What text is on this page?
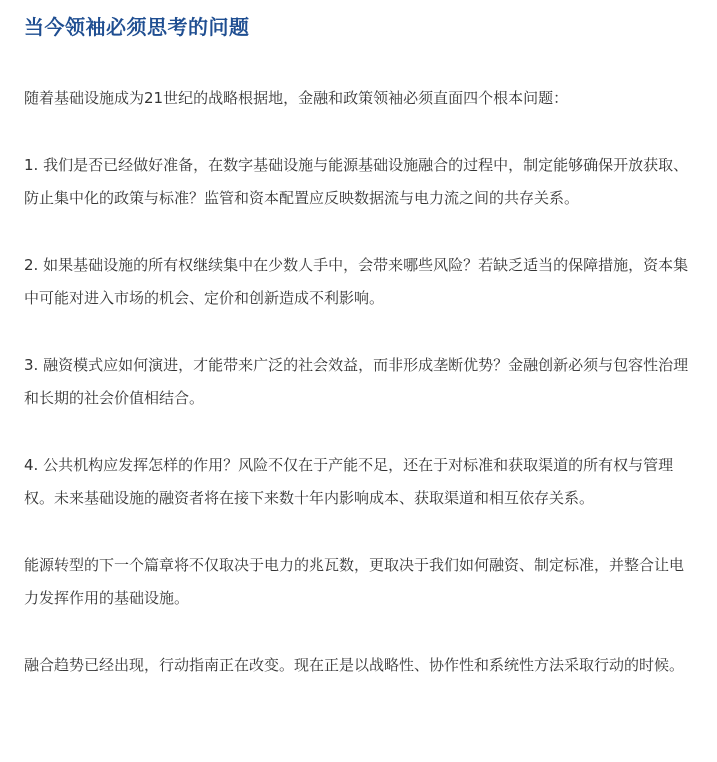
当今领袖必须思考的问题

随着基础设施成为21世纪的战略根据地，金融和政策领袖必须直面四个根本问题：

1. 我们是否已经做好准备，在数字基础设施与能源基础设施融合的过程中，制定能够确保开放获取、防止集中化的政策与标准？监管和资本配置应反映数据流与电力流之间的共存关系。

2. 如果基础设施的所有权继续集中在少数人手中，会带来哪些风险？若缺乏适当的保障措施，资本集中可能对进入市场的机会、定价和创新造成不利影响。

3. 融资模式应如何演进，才能带来广泛的社会效益，而非形成垄断优势？金融创新必须与包容性治理和长期的社会价值相结合。

4. 公共机构应发挥怎样的作用？风险不仅在于产能不足，还在于对标准和获取渠道的所有权与管理权。未来基础设施的融资者将在接下来数十年内影响成本、获取渠道和相互依存关系。

能源转型的下一个篇章将不仅取决于电力的兆瓦数，更取决于我们如何融资、制定标准，并整合让电力发挥作用的基础设施。

融合趋势已经出现，行动指南正在改变。现在正是以战略性、协作性和系统性方法采取行动的时候。
